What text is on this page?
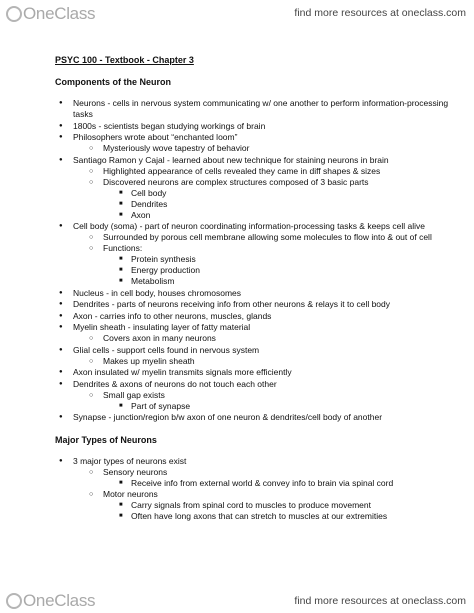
OneClass	find more resources at oneclass.com
PSYC 100 - Textbook - Chapter 3
Components of the Neuron
● Neurons - cells in nervous system communicating w/ one another to perform information-processing tasks
● 1800s - scientists began studying workings of brain
● Philosophers wrote about “enchanted loom”
○ Mysteriously wove tapestry of behavior
● Santiago Ramon y Cajal - learned about new technique for staining neurons in brain
○ Highlighted appearance of cells revealed they came in diff shapes & sizes
○ Discovered neurons are complex structures composed of 3 basic parts
■ Cell body
■ Dendrites
■ Axon
● Cell body (soma) - part of neuron coordinating information-processing tasks & keeps cell alive
○ Surrounded by porous cell membrane allowing some molecules to flow into & out of cell
○ Functions:
■ Protein synthesis
■ Energy production
■ Metabolism
● Nucleus - in cell body, houses chromosomes
● Dendrites - parts of neurons receiving info from other neurons & relays it to cell body
● Axon - carries info to other neurons, muscles, glands
● Myelin sheath - insulating layer of fatty material
○ Covers axon in many neurons
● Glial cells - support cells found in nervous system
○ Makes up myelin sheath
● Axon insulated w/ myelin transmits signals more efficiently
● Dendrites & axons of neurons do not touch each other
○ Small gap exists
■ Part of synapse
● Synapse - junction/region b/w axon of one neuron & dendrites/cell body of another
Major Types of Neurons
● 3 major types of neurons exist
○ Sensory neurons
■ Receive info from external world & convey info to brain via spinal cord
○ Motor neurons
■ Carry signals from spinal cord to muscles to produce movement
■ Often have long axons that can stretch to muscles at our extremities
OneClass	find more resources at oneclass.com
